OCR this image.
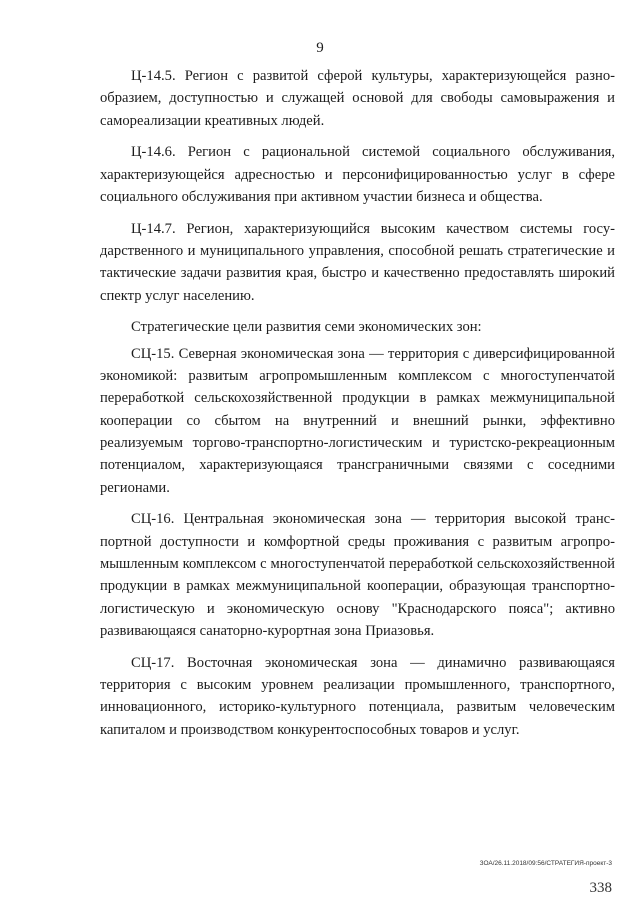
9

Ц-14.5. Регион с развитой сферой культуры, характеризующейся разнообразием, доступностью и служащей основой для свободы самовыражения и самореализации креативных людей.

Ц-14.6. Регион с рациональной системой социального обслуживания, характеризующейся адресностью и персонифицированностью услуг в сфере социального обслуживания при активном участии бизнеса и общества.

Ц-14.7. Регион, характеризующийся высоким качеством системы государственного и муниципального управления, способной решать стратегические и тактические задачи развития края, быстро и качественно предоставлять широкий спектр услуг населению.

Стратегические цели развития семи экономических зон:

СЦ-15. Северная экономическая зона — территория с диверсифицированной экономикой: развитым агропромышленным комплексом с многоступенчатой переработкой сельскохозяйственной продукции в рамках межмуниципальной кооперации со сбытом на внутренний и внешний рынки, эффективно реализуемым торгово-транспортно-логистическим и туристско-рекреационным потенциалом, характеризующаяся трансграничными связями с соседними регионами.

СЦ-16. Центральная экономическая зона — территория высокой транспортной доступности и комфортной среды проживания с развитым агропромышленным комплексом с многоступенчатой переработкой сельскохозяйственной продукции в рамках межмуниципальной кооперации, образующая транспортно-логистическую и экономическую основу "Краснодарского пояса"; активно развивающаяся санаторно-курортная зона Приазовья.

СЦ-17. Восточная экономическая зона — динамично развивающаяся территория с высоким уровнем реализации промышленного, транспортного, инновационного, историко-культурного потенциала, развитым человеческим капиталом и производством конкурентоспособных товаров и услуг.

ЗОА/26.11.2018/09:56/СТРАТЕГИЯ-проект-3
338
